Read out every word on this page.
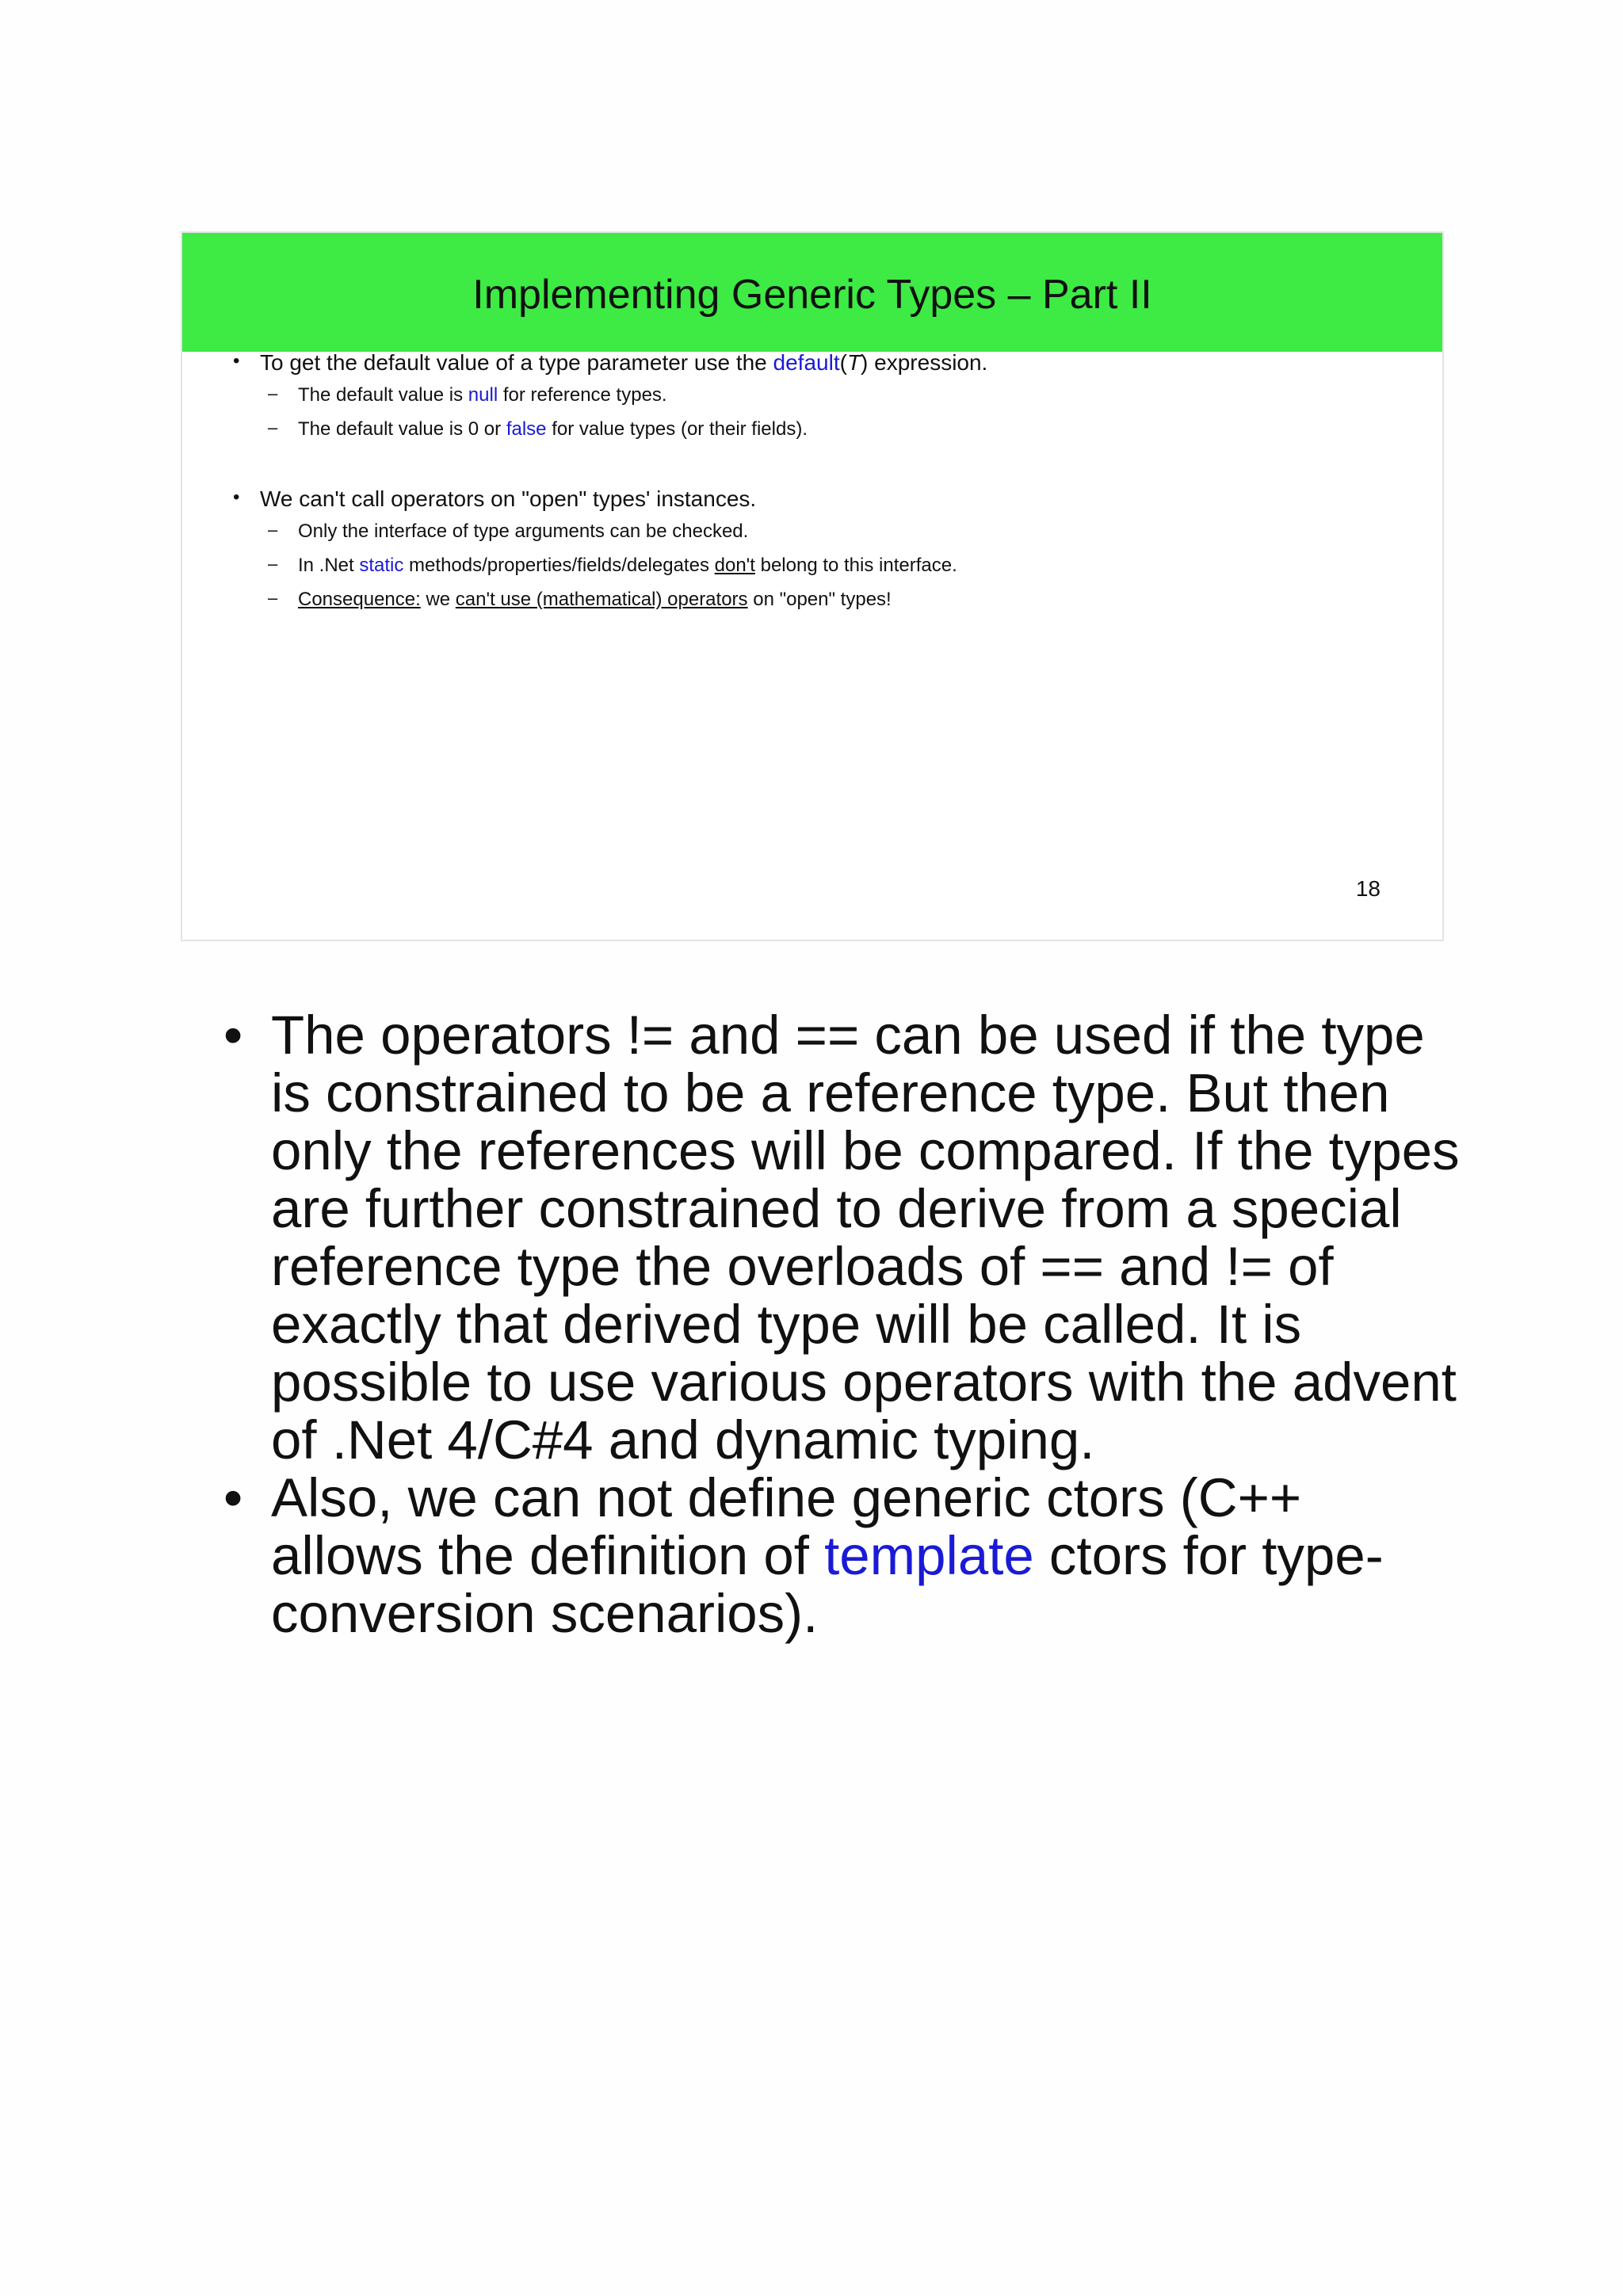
Implementing Generic Types – Part II
• To get the default value of a type parameter use the default(T) expression.
– The default value is null for reference types.
– The default value is 0 or false for value types (or their fields).
• We can't call operators on "open" types' instances.
– Only the interface of type arguments can be checked.
– In .Net static methods/properties/fields/delegates don't belong to this interface.
– Consequence: we can't use (mathematical) operators on "open" types!
18
• The operators != and == can be used if the type is constrained to be a reference type. But then only the references will be compared. If the types are further constrained to derive from a special reference type the overloads of == and != of exactly that derived type will be called. It is possible to use various operators with the advent of .Net 4/C#4 and dynamic typing.
• Also, we can not define generic ctors (C++ allows the definition of template ctors for type-conversion scenarios).
